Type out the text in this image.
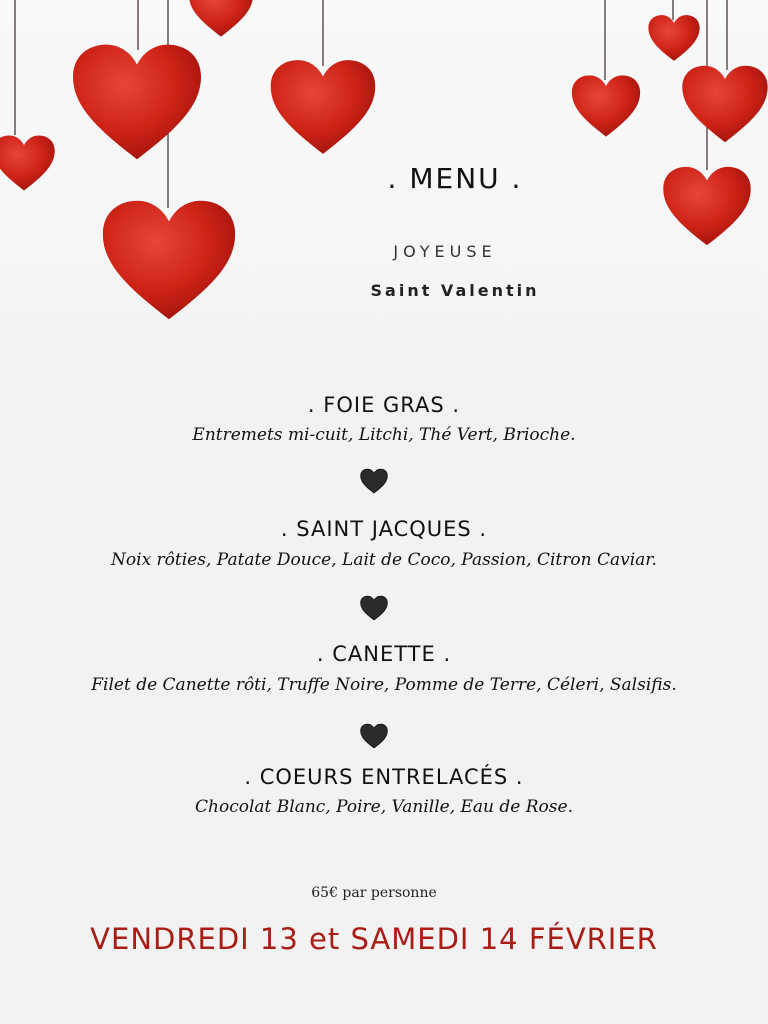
. MENU .
JOYEUSE
Saint Valentin
. FOIE GRAS .
Entremets mi-cuit, Litchi, Thé Vert, Brioche.
. SAINT JACQUES .
Noix rôties, Patate Douce, Lait de Coco, Passion, Citron Caviar.
. CANETTE .
Filet de Canette rôti, Truffe Noire, Pomme de Terre, Céleri, Salsifis.
. COEURS ENTRELACÉS .
Chocolat Blanc, Poire, Vanille, Eau de Rose.
65€ par personne
VENDREDI 13 et SAMEDI 14 FÉVRIER
